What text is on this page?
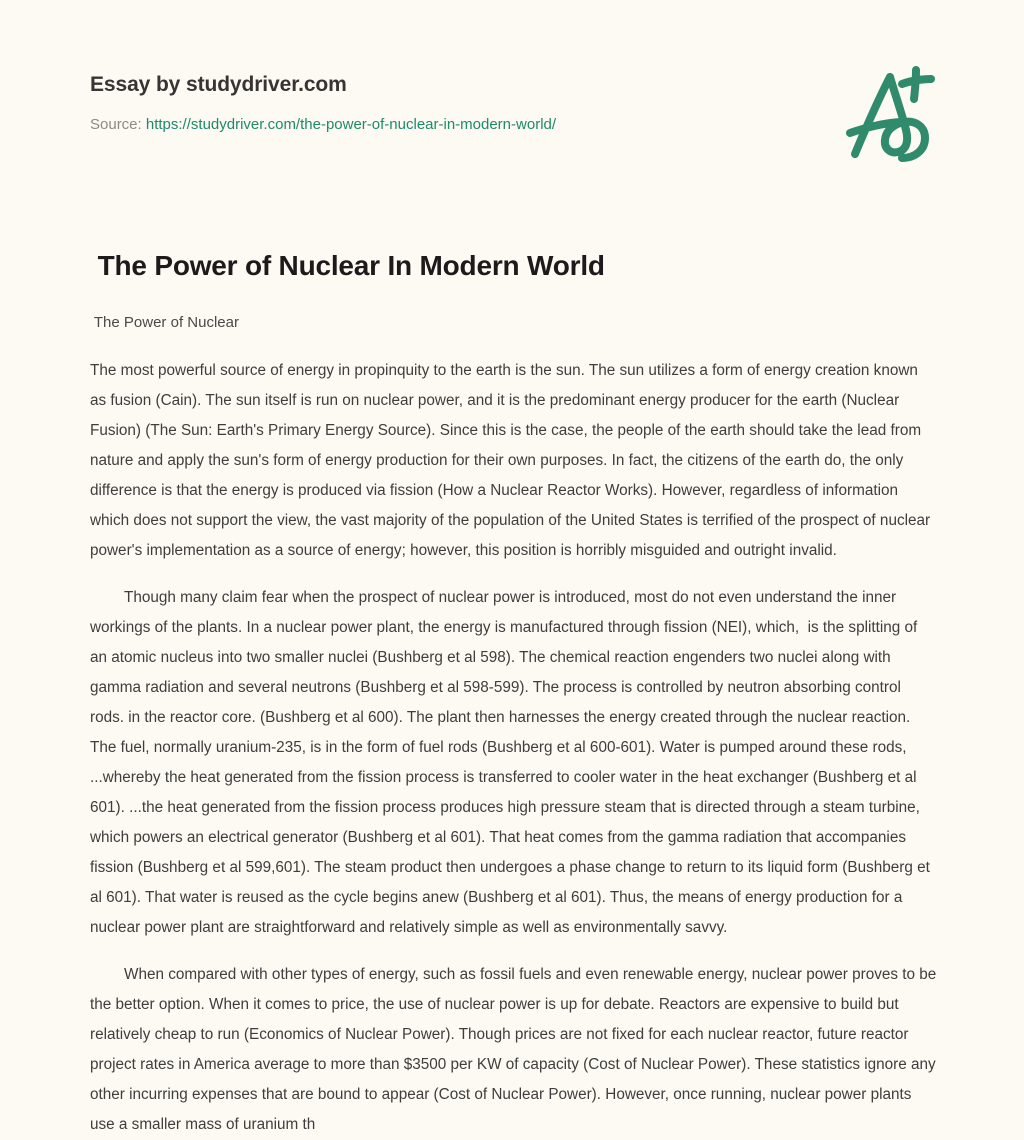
Essay by studydriver.com

Source: https://studydriver.com/the-power-of-nuclear-in-modern-world/

The Power of Nuclear In Modern World

The Power of Nuclear

The most powerful source of energy in propinquity to the earth is the sun. The sun utilizes a form of energy creation known as fusion (Cain). The sun itself is run on nuclear power, and it is the predominant energy producer for the earth (Nuclear Fusion) (The Sun: Earth's Primary Energy Source). Since this is the case, the people of the earth should take the lead from nature and apply the sun's form of energy production for their own purposes. In fact, the citizens of the earth do, the only difference is that the energy is produced via fission (How a Nuclear Reactor Works). However, regardless of information which does not support the view, the vast majority of the population of the United States is terrified of the prospect of nuclear power's implementation as a source of energy; however, this position is horribly misguided and outright invalid.

Though many claim fear when the prospect of nuclear power is introduced, most do not even understand the inner workings of the plants. In a nuclear power plant, the energy is manufactured through fission (NEI), which,  is the splitting of an atomic nucleus into two smaller nuclei (Bushberg et al 598). The chemical reaction engenders two nuclei along with gamma radiation and several neutrons (Bushberg et al 598-599). The process is controlled by neutron absorbing control rods. in the reactor core. (Bushberg et al 600). The plant then harnesses the energy created through the nuclear reaction. The fuel, normally uranium-235, is in the form of fuel rods (Bushberg et al 600-601). Water is pumped around these rods, ...whereby the heat generated from the fission process is transferred to cooler water in the heat exchanger (Bushberg et al 601). ...the heat generated from the fission process produces high pressure steam that is directed through a steam turbine, which powers an electrical generator (Bushberg et al 601). That heat comes from the gamma radiation that accompanies fission (Bushberg et al 599,601). The steam product then undergoes a phase change to return to its liquid form (Bushberg et al 601). That water is reused as the cycle begins anew (Bushberg et al 601). Thus, the means of energy production for a nuclear power plant are straightforward and relatively simple as well as environmentally savvy.

When compared with other types of energy, such as fossil fuels and even renewable energy, nuclear power proves to be the better option. When it comes to price, the use of nuclear power is up for debate. Reactors are expensive to build but relatively cheap to run (Economics of Nuclear Power). Though prices are not fixed for each nuclear reactor, future reactor project rates in America average to more than $3500 per KW of capacity (Cost of Nuclear Power). These statistics ignore any other incurring expenses that are bound to appear (Cost of Nuclear Power). However, once running, nuclear power plants use a smaller mass of uranium th
